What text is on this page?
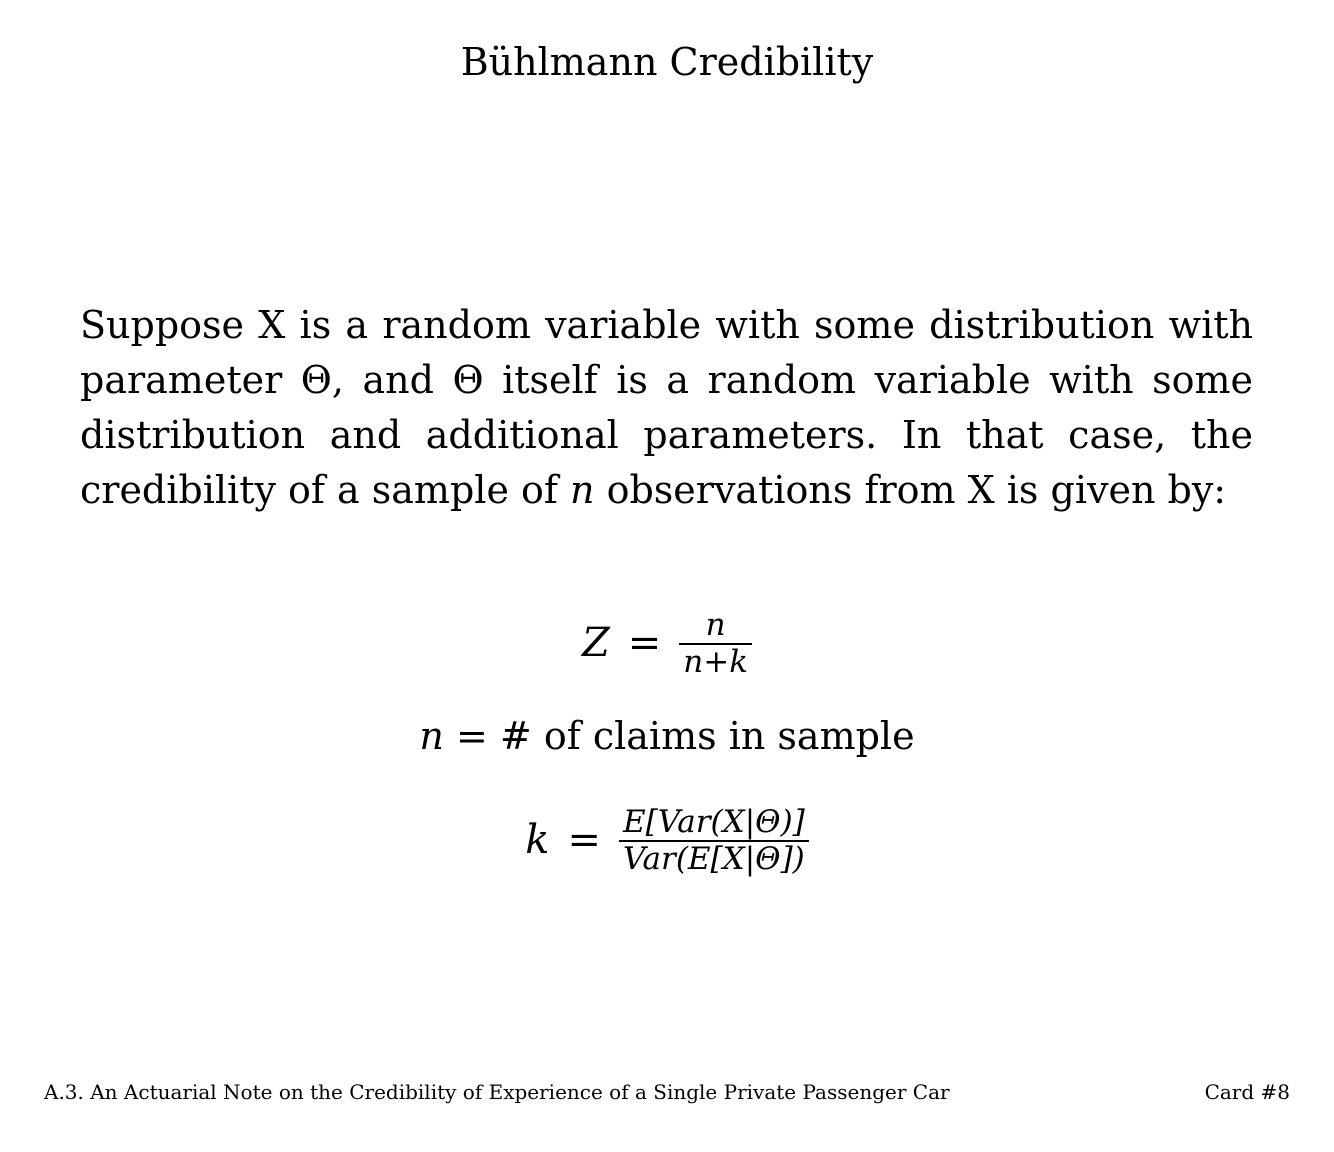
Bühlmann Credibility
Suppose X is a random variable with some distribution with
parameter Θ, and Θ itself is a random variable with some
distribution and additional parameters. In that case, the
credibility of a sample of n observations from X is given by:
$Z = \frac{n}{n+k}$
n = # of claims in sample
$k = \frac{\text{E[Var(X|Θ)]}}{\text{Var(E[X|Θ])}}$
A.3. An Actuarial Note on the Credibility of Experience of a Single Private Passenger Car	Card #8
